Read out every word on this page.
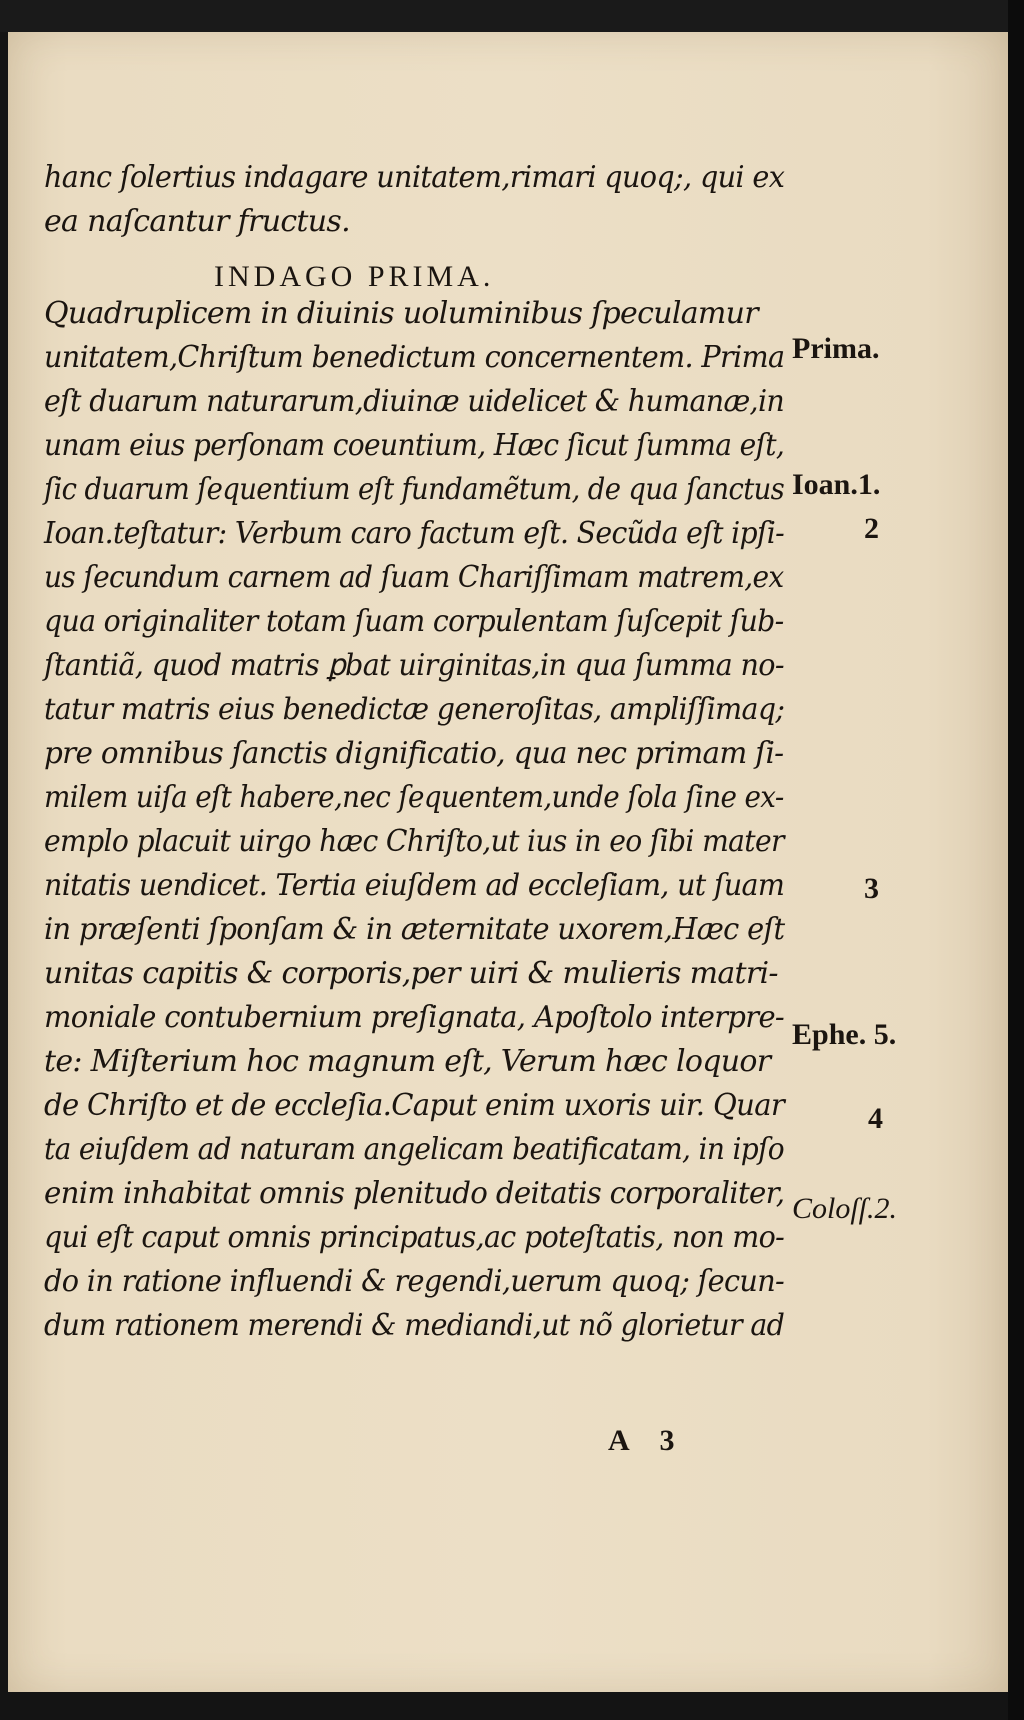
hanc ſolertius indagare unitatem,rimari quoq;, qui ex
ea naſcantur fructus.
INDAGO PRIMA.
Quadruplicem in diuinis uoluminibus ſpeculamur
unitatem,Chriſtum benedictum concernentem. Prima
eſt duarum naturarum,diuinæ uidelicet & humanæ,in
unam eius perſonam coeuntium, Hæc ſicut ſumma eſt,
ſic duarum ſequentium eſt fundamẽtum, de qua ſanctus
Ioan.teſtatur: Verbum caro factum eſt. Secũda eſt ipſi-
us ſecundum carnem ad ſuam Chariſſimam matrem,ex
qua originaliter totam ſuam corpulentam ſuſcepit ſub-
ſtantiã, quod matris ꝑbat uirginitas,in qua ſumma no-
tatur matris eius benedictæ generoſitas, ampliſſimaq;
pre omnibus ſanctis dignificatio, qua nec primam ſi-
milem uiſa eſt habere,nec ſequentem,unde ſola ſine ex-
emplo placuit uirgo hæc Chriſto,ut ius in eo ſibi mater
nitatis uendicet. Tertia eiuſdem ad eccleſiam, ut ſuam
in præſenti ſponſam & in æternitate uxorem,Hæc eſt
unitas capitis & corporis,per uiri & mulieris matri-
moniale contubernium preſignata, Apoſtolo interpre-
te: Miſterium hoc magnum eſt, Verum hæc loquor
de Chriſto et de eccleſia.Caput enim uxoris uir. Quar
ta eiuſdem ad naturam angelicam beatificatam, in ipſo
enim inhabitat omnis plenitudo deitatis corporaliter,
qui eſt caput omnis principatus,ac poteſtatis, non mo-
do in ratione influendi & regendi,uerum quoq; ſecun-
dum rationem merendi & mediandi,ut nõ glorietur ad
Prima.
Ioan.1.
2
3
Ephe. 5.
4
Coloſſ.2.
A 3
